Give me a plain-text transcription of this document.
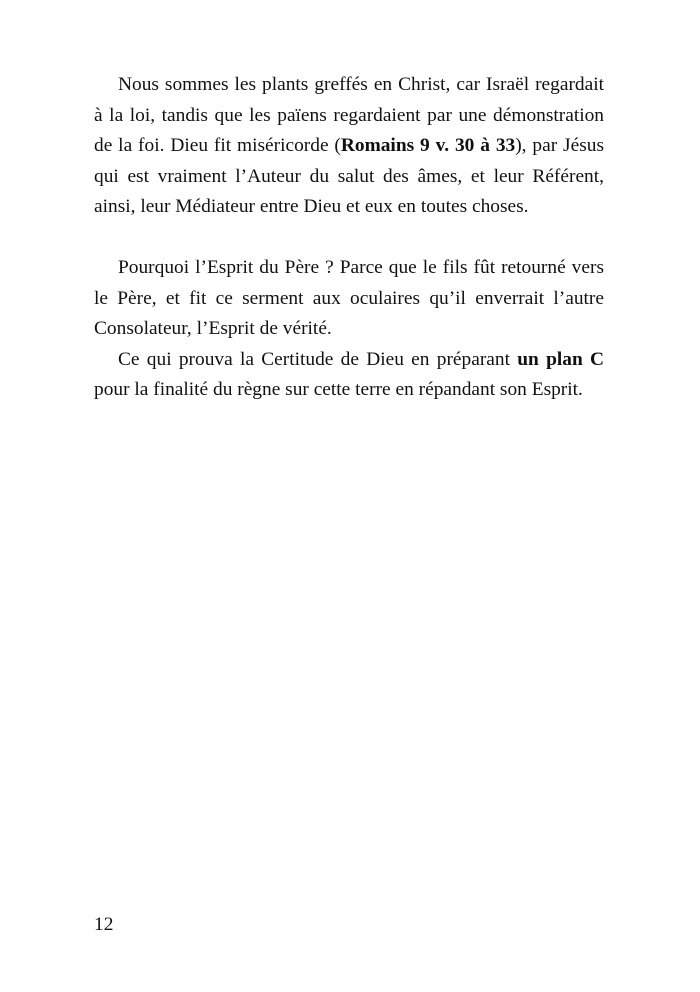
Nous sommes les plants greffés en Christ, car Israël regardait à la loi, tandis que les païens regardaient par une démonstration de la foi. Dieu fit miséricorde (Romains 9 v. 30 à 33), par Jésus qui est vraiment l’Auteur du salut des âmes, et leur Référent, ainsi, leur Médiateur entre Dieu et eux en toutes choses.

Pourquoi l’Esprit du Père ? Parce que le fils fût retourné vers le Père, et fit ce serment aux oculaires qu’il enverrait l’autre Consolateur, l’Esprit de vérité.

Ce qui prouva la Certitude de Dieu en préparant un plan C pour la finalité du règne sur cette terre en répandant son Esprit.

12
